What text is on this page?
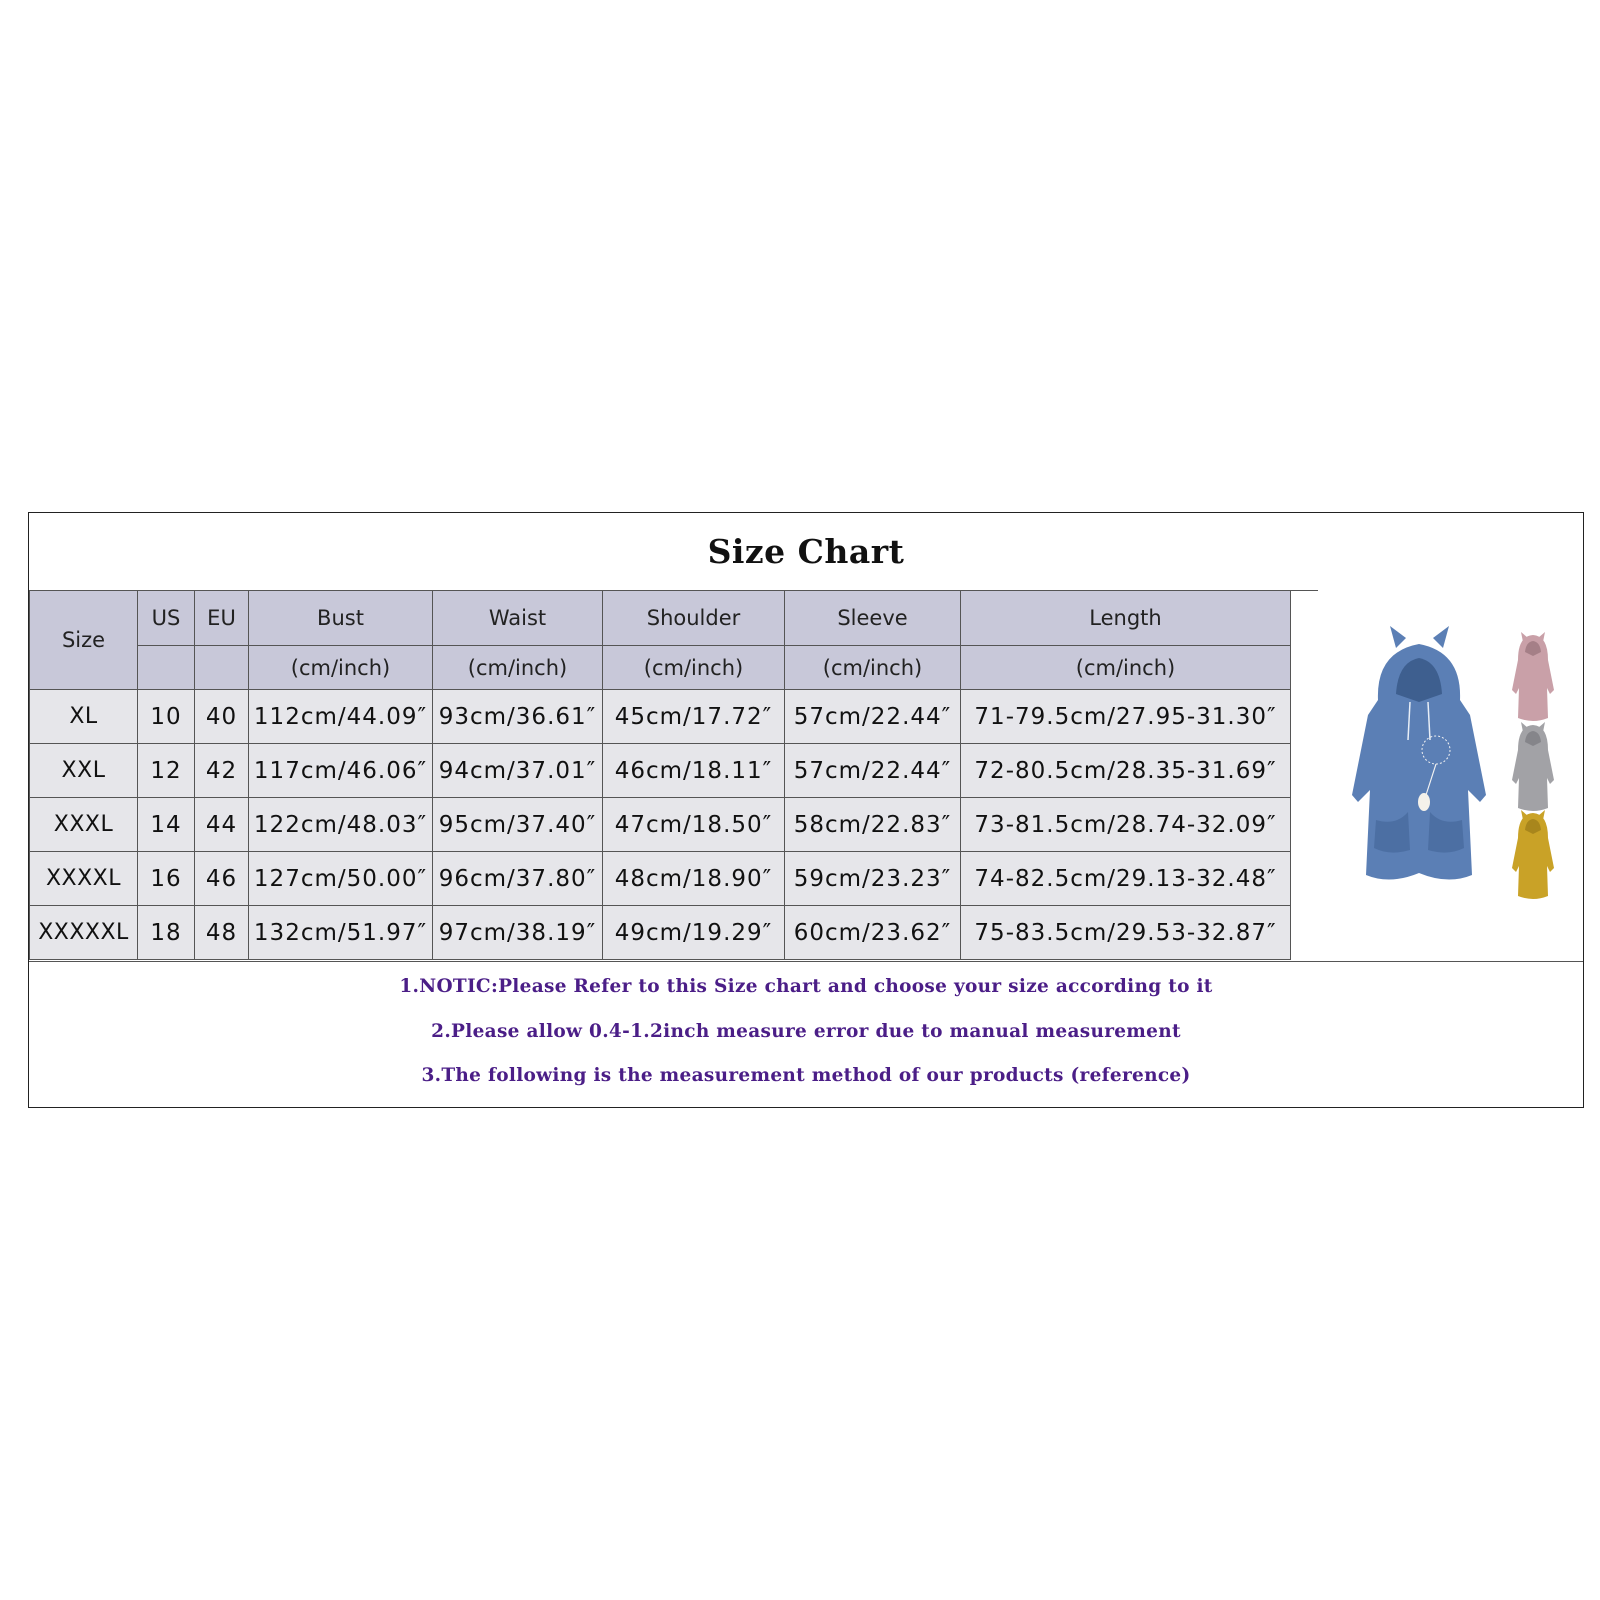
Size Chart
Size	US	EU	Bust	Waist	Shoulder	Sleeve	Length
			(cm/inch)	(cm/inch)	(cm/inch)	(cm/inch)	(cm/inch)
XL	10	40	112cm/44.09″	93cm/36.61″	45cm/17.72″	57cm/22.44″	71-79.5cm/27.95-31.30″
XXL	12	42	117cm/46.06″	94cm/37.01″	46cm/18.11″	57cm/22.44″	72-80.5cm/28.35-31.69″
XXXL	14	44	122cm/48.03″	95cm/37.40″	47cm/18.50″	58cm/22.83″	73-81.5cm/28.74-32.09″
XXXXL	16	46	127cm/50.00″	96cm/37.80″	48cm/18.90″	59cm/23.23″	74-82.5cm/29.13-32.48″
XXXXXL	18	48	132cm/51.97″	97cm/38.19″	49cm/19.29″	60cm/23.62″	75-83.5cm/29.53-32.87″
1.NOTIC:Please Refer to this Size chart and choose your size according to it
2.Please allow 0.4-1.2inch measure error due to manual measurement
3.The following is the measurement method of our products (reference)
